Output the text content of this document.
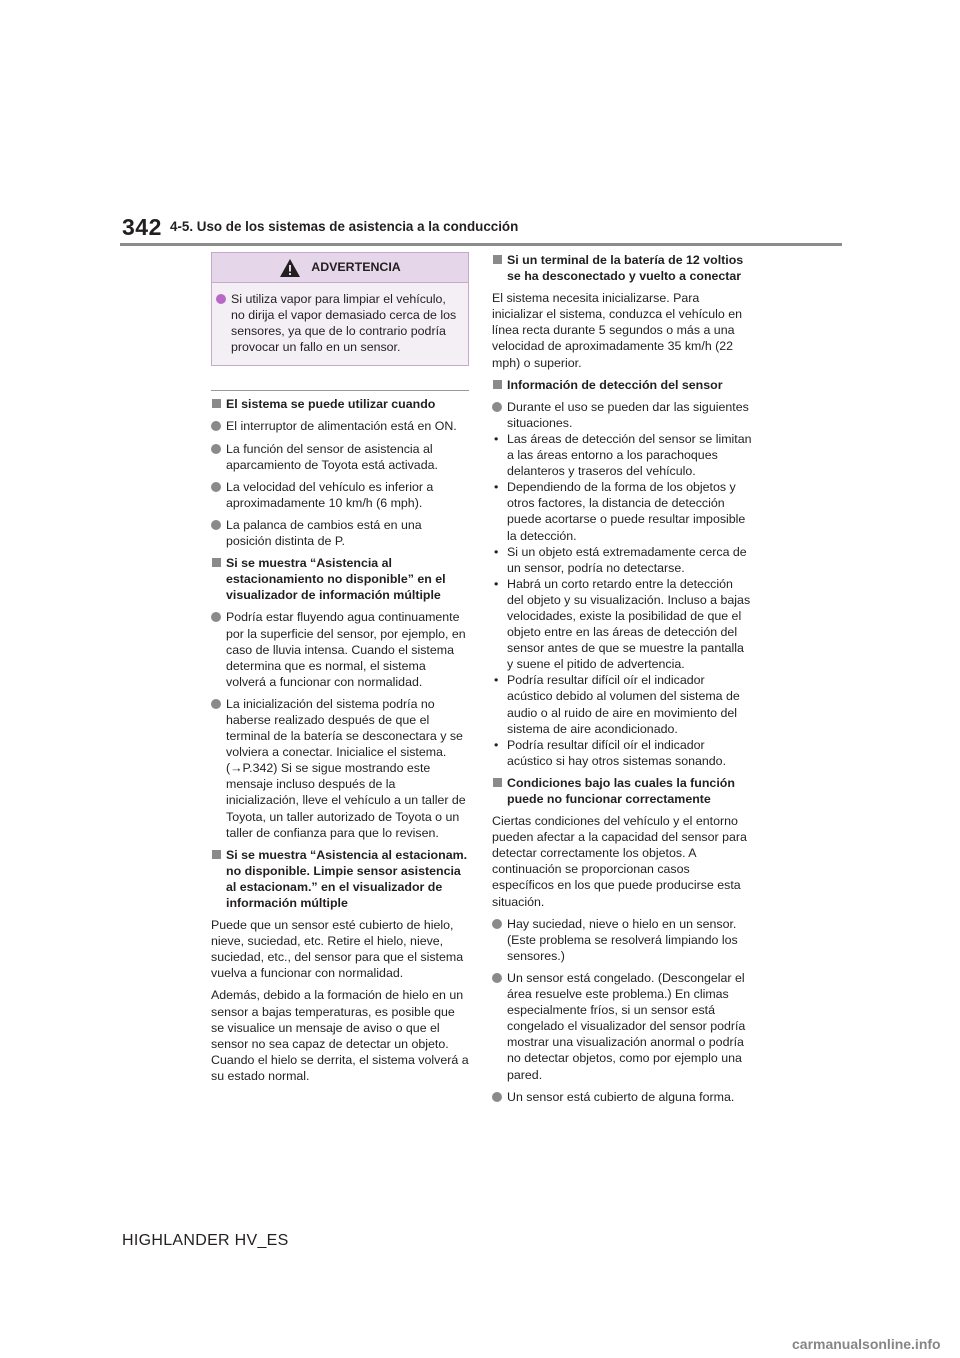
342 4-5. Uso de los sistemas de asistencia a la conducción
ADVERTENCIA
Si utiliza vapor para limpiar el vehículo, no dirija el vapor demasiado cerca de los sensores, ya que de lo contrario podría provocar un fallo en un sensor.
El sistema se puede utilizar cuando
El interruptor de alimentación está en ON.
La función del sensor de asistencia al aparcamiento de Toyota está activada.
La velocidad del vehículo es inferior a aproximadamente 10 km/h (6 mph).
La palanca de cambios está en una posición distinta de P.
Si se muestra “Asistencia al estacionamiento no disponible” en el visualizador de información múltiple
Podría estar fluyendo agua continuamente por la superficie del sensor, por ejemplo, en caso de lluvia intensa. Cuando el sistema determina que es normal, el sistema volverá a funcionar con normalidad.
La inicialización del sistema podría no haberse realizado después de que el terminal de la batería se desconectara y se volviera a conectar. Inicialice el sistema. (→P.342) Si se sigue mostrando este mensaje incluso después de la inicialización, lleve el vehículo a un taller de Toyota, un taller autorizado de Toyota o un taller de confianza para que lo revisen.
Si se muestra “Asistencia al estacionam. no disponible. Limpie sensor asistencia al estacionam.” en el visualizador de información múltiple
Puede que un sensor esté cubierto de hielo, nieve, suciedad, etc. Retire el hielo, nieve, suciedad, etc., del sensor para que el sistema vuelva a funcionar con normalidad.
Además, debido a la formación de hielo en un sensor a bajas temperaturas, es posible que se visualice un mensaje de aviso o que el sensor no sea capaz de detectar un objeto. Cuando el hielo se derrita, el sistema volverá a su estado normal.
Si un terminal de la batería de 12 voltios se ha desconectado y vuelto a conectar
El sistema necesita inicializarse. Para inicializar el sistema, conduzca el vehículo en línea recta durante 5 segundos o más a una velocidad de aproximadamente 35 km/h (22 mph) o superior.
Información de detección del sensor
Durante el uso se pueden dar las siguientes situaciones.
• Las áreas de detección del sensor se limitan a las áreas entorno a los parachoques delanteros y traseros del vehículo.
• Dependiendo de la forma de los objetos y otros factores, la distancia de detección puede acortarse o puede resultar imposible la detección.
• Si un objeto está extremadamente cerca de un sensor, podría no detectarse.
• Habrá un corto retardo entre la detección del objeto y su visualización. Incluso a bajas velocidades, existe la posibilidad de que el objeto entre en las áreas de detección del sensor antes de que se muestre la pantalla y suene el pitido de advertencia.
• Podría resultar difícil oír el indicador acústico debido al volumen del sistema de audio o al ruido de aire en movimiento del sistema de aire acondicionado.
• Podría resultar difícil oír el indicador acústico si hay otros sistemas sonando.
Condiciones bajo las cuales la función puede no funcionar correctamente
Ciertas condiciones del vehículo y el entorno pueden afectar a la capacidad del sensor para detectar correctamente los objetos. A continuación se proporcionan casos específicos en los que puede producirse esta situación.
Hay suciedad, nieve o hielo en un sensor. (Este problema se resolverá limpiando los sensores.)
Un sensor está congelado. (Descongelar el área resuelve este problema.) En climas especialmente fríos, si un sensor está congelado el visualizador del sensor podría mostrar una visualización anormal o podría no detectar objetos, como por ejemplo una pared.
Un sensor está cubierto de alguna forma.
HIGHLANDER HV_ES
carmanualsonline.info
